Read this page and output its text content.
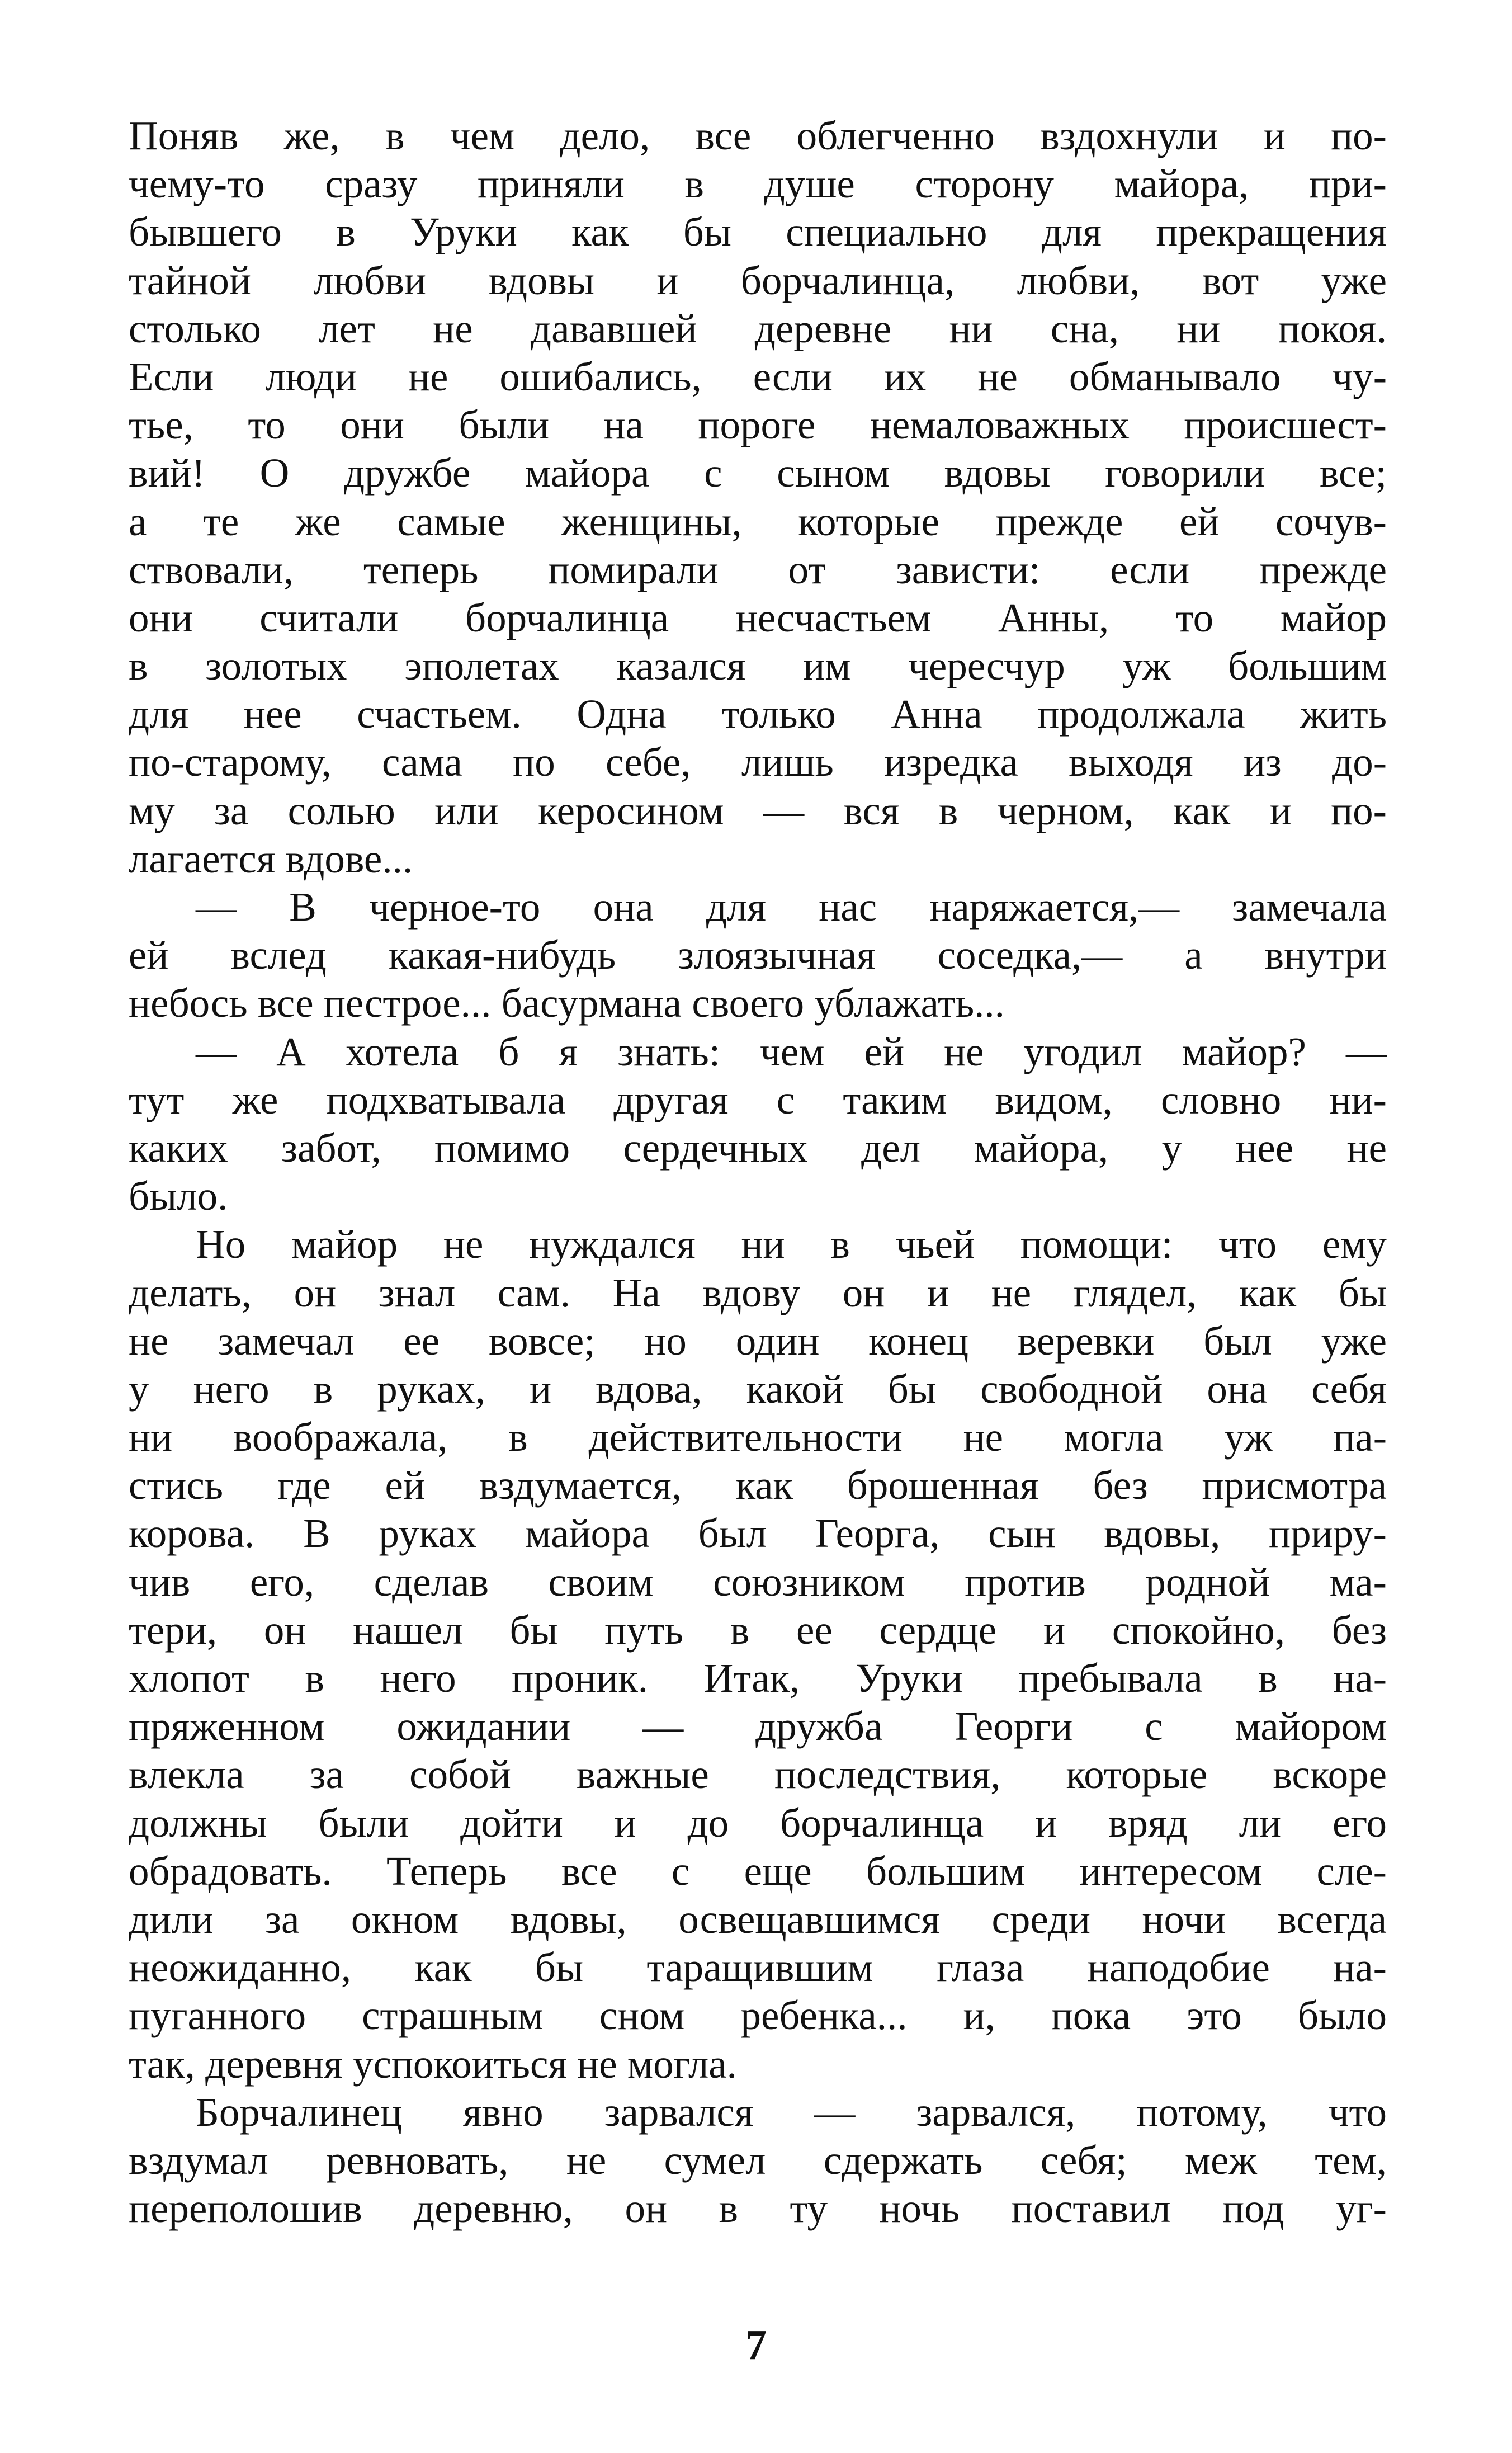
Поняв же, в чем дело, все облегченно вздохнули и по-
чему-то сразу приняли в душе сторону майора, при-
бывшего в Уруки как бы специально для прекращения
тайной любви вдовы и борчалинца, любви, вот уже
столько лет не дававшей деревне ни сна, ни покоя.
Если люди не ошибались, если их не обманывало чу-
тье, то они были на пороге немаловажных происшест-
вий! О дружбе майора с сыном вдовы говорили все;
а те же самые женщины, которые прежде ей сочув-
ствовали, теперь помирали от зависти: если прежде
они считали борчалинца несчастьем Анны, то майор
в золотых эполетах казался им чересчур уж большим
для нее счастьем. Одна только Анна продолжала жить
по-старому, сама по себе, лишь изредка выходя из до-
му за солью или керосином — вся в черном, как и по-
лагается вдове...
— В черное-то она для нас наряжается,— замечала
ей вслед какая-нибудь злоязычная соседка,— а внутри
небось все пестрое... басурмана своего ублажать...
— А хотела б я знать: чем ей не угодил майор? —
тут же подхватывала другая с таким видом, словно ни-
каких забот, помимо сердечных дел майора, у нее не
было.
Но майор не нуждался ни в чьей помощи: что ему
делать, он знал сам. На вдову он и не глядел, как бы
не замечал ее вовсе; но один конец веревки был уже
у него в руках, и вдова, какой бы свободной она себя
ни воображала, в действительности не могла уж па-
стись где ей вздумается, как брошенная без присмотра
корова. В руках майора был Георга, сын вдовы, приру-
чив его, сделав своим союзником против родной ма-
тери, он нашел бы путь в ее сердце и спокойно, без
хлопот в него проник. Итак, Уруки пребывала в на-
пряженном ожидании — дружба Георги с майором
влекла за собой важные последствия, которые вскоре
должны были дойти и до борчалинца и вряд ли его
обрадовать. Теперь все с еще большим интересом сле-
дили за окном вдовы, освещавшимся среди ночи всегда
неожиданно, как бы таращившим глаза наподобие на-
пуганного страшным сном ребенка... и, пока это было
так, деревня успокоиться не могла.
Борчалинец явно зарвался — зарвался, потому, что
вздумал ревновать, не сумел сдержать себя; меж тем,
переполошив деревню, он в ту ночь поставил под уг-
7
